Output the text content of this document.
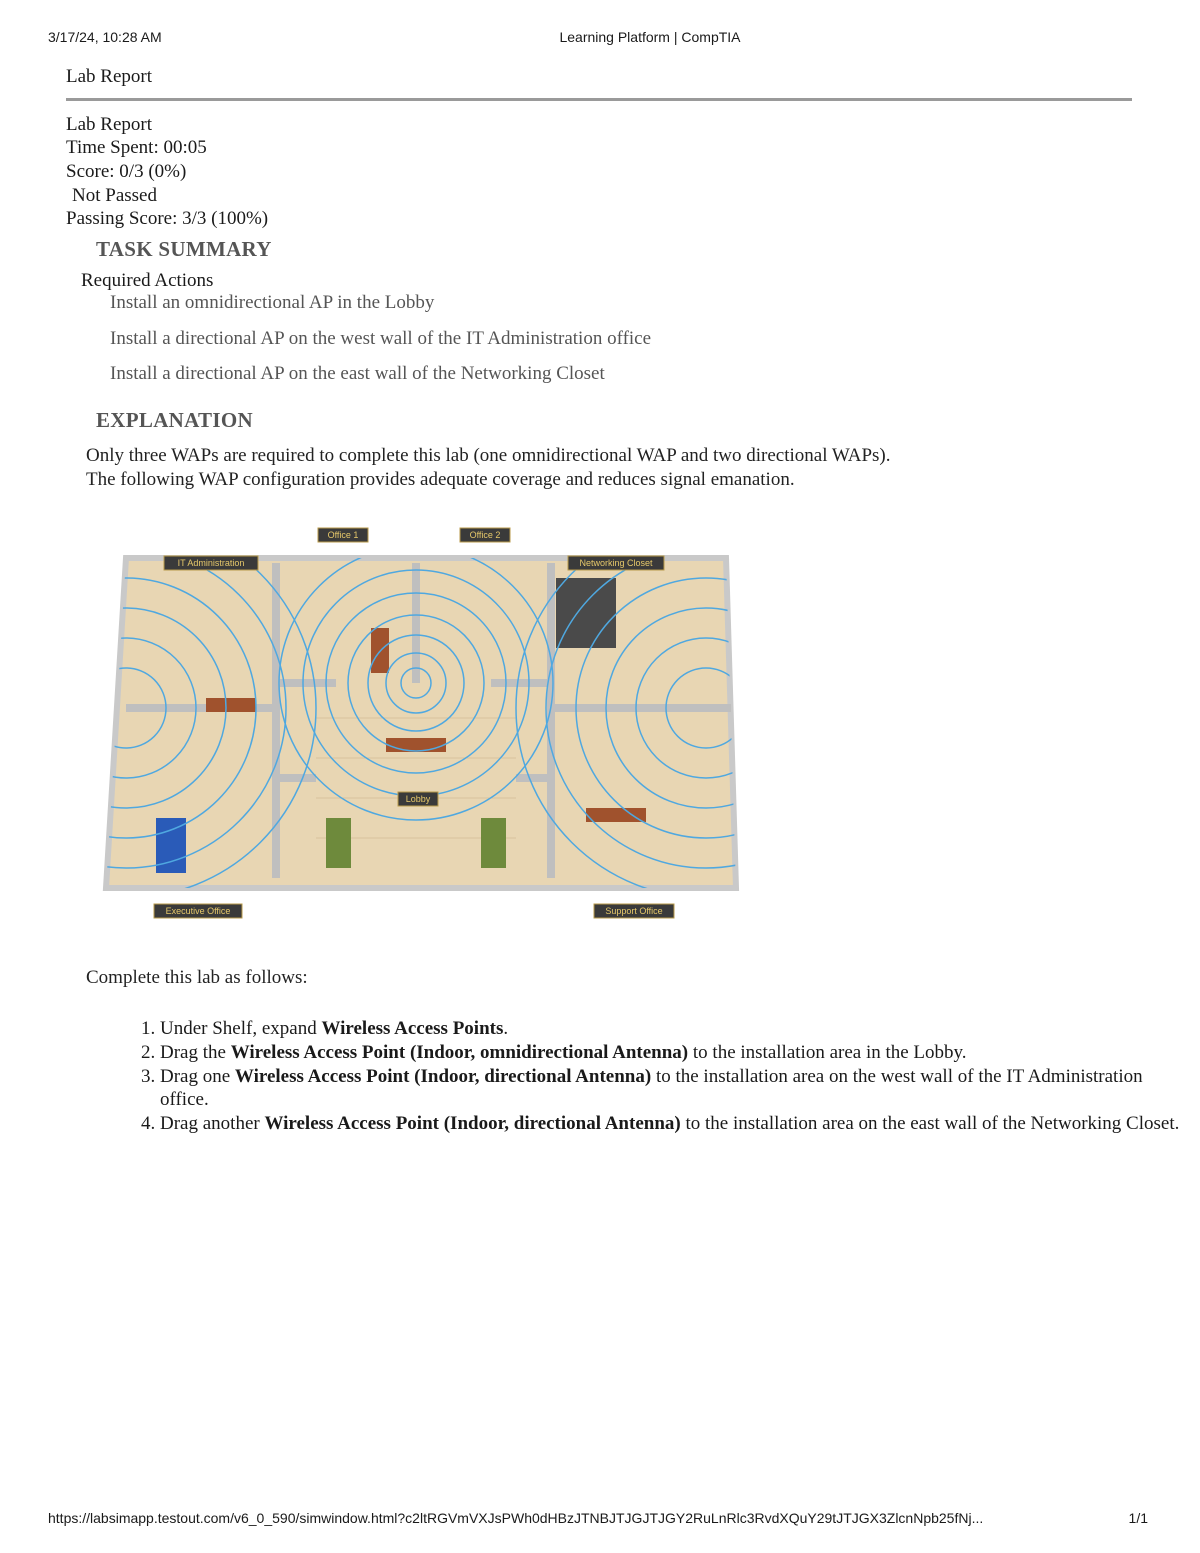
3/17/24, 10:28 AM	Learning Platform | CompTIA
Lab Report
Lab Report
Time Spent: 00:05
Score: 0/3 (0%)
Not Passed
Passing Score: 3/3 (100%)
TASK SUMMARY
Required Actions
Install an omnidirectional AP in the Lobby
Install a directional AP on the west wall of the IT Administration office
Install a directional AP on the east wall of the Networking Closet
EXPLANATION
Only three WAPs are required to complete this lab (one omnidirectional WAP and two directional WAPs).
The following WAP configuration provides adequate coverage and reduces signal emanation.
Office 1	Office 2
IT Administration	Networking Closet
Lobby
Executive Office	Support Office
Complete this lab as follows:
1. Under Shelf, expand Wireless Access Points.
2. Drag the Wireless Access Point (Indoor, omnidirectional Antenna) to the installation area in the Lobby.
3. Drag one Wireless Access Point (Indoor, directional Antenna) to the installation area on the west wall of the IT Administration office.
4. Drag another Wireless Access Point (Indoor, directional Antenna) to the installation area on the east wall of the Networking Closet.
https://labsimapp.testout.com/v6_0_590/simwindow.html?c2ltRGVmVXJsPWh0dHBzJTNBJTJGJTJGY2RuLnRlc3RvdXQuY29tJTJGX3ZlcnNpb25fNj...	1/1
